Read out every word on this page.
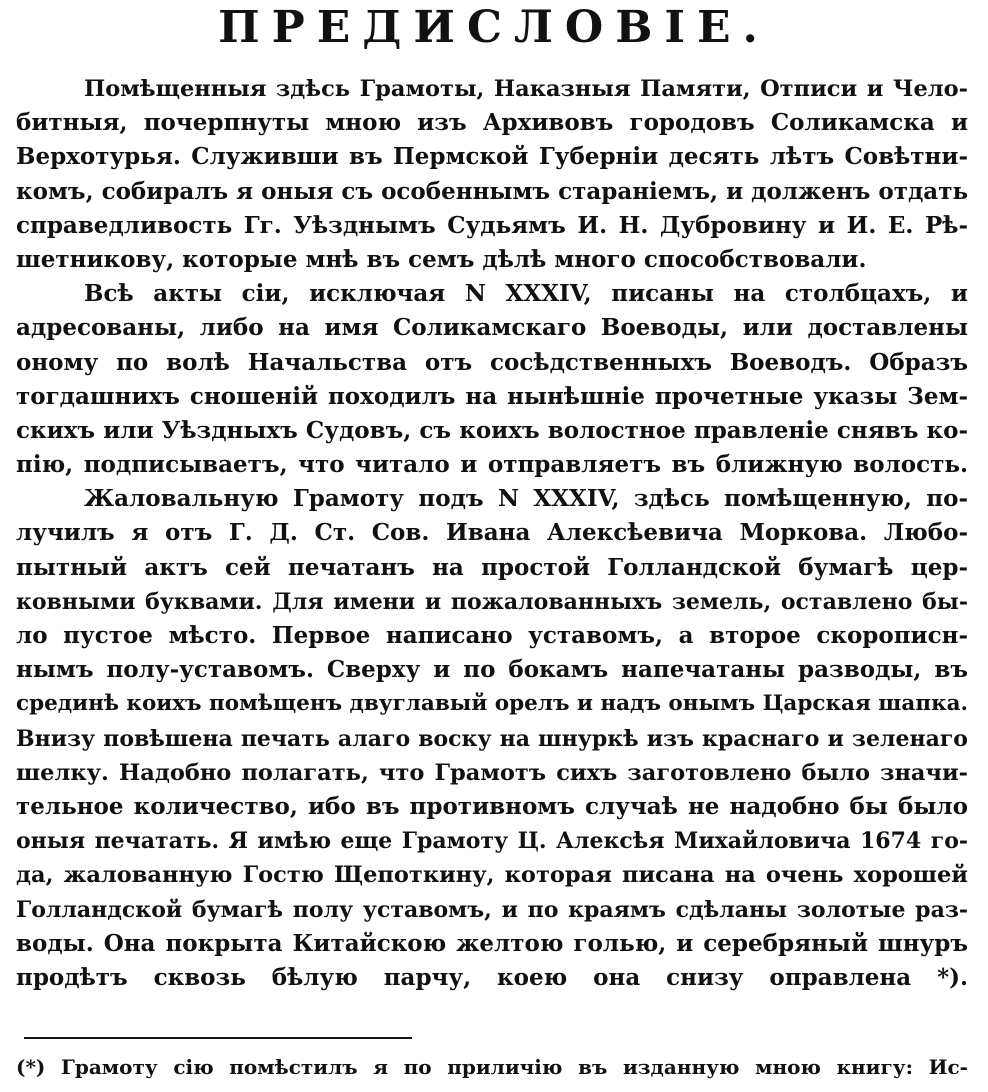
ПРЕДИСЛОВІЕ.
Помѣщенныя здѣсь Грамоты, Наказныя Памяти, Отписи и Чело-
битныя, почерпнуты мною изъ Архивовъ городовъ Соликамска и
Верхотурья. Служивши въ Пермской Губерніи десять лѣтъ Совѣтни-
комъ, собиралъ я оныя съ особеннымъ стараніемъ, и долженъ отдать
справедливость Гг. Уѣзднымъ Судьямъ И. Н. Дубровину и И. Е. Рѣ-
шетникову, которые мнѣ въ семъ дѣлѣ много способствовали.
Всѣ акты сіи, исключая N XXXIV, писаны на столбцахъ, и
адресованы, либо на имя Соликамскаго Воеводы, или доставлены
оному по волѣ Начальства отъ сосѣдственныхъ Воеводъ. Образъ
тогдашнихъ сношеній походилъ на нынѣшніе прочетные указы Зем-
скихъ или Уѣздныхъ Судовъ, съ коихъ волостное правленіе снявъ ко-
пію, подписываетъ, что читало и отправляетъ въ ближную волость.
Жаловальную Грамоту подъ N XXXIV, здѣсь помѣщенную, по-
лучилъ я отъ Г. Д. Ст. Сов. Ивана Алексѣевича Моркова. Любо-
пытный актъ сей печатанъ на простой Голландской бумагѣ цер-
ковными буквами. Для имени и пожалованныхъ земель, оставлено бы-
ло пустое мѣсто. Первое написано уставомъ, а второе скорописн-
нымъ полу-уставомъ. Сверху и по бокамъ напечатаны разводы, въ
срединѣ коихъ помѣщенъ двуглавый орелъ и надъ онымъ Царская шапка.
Внизу повѣшена печать алаго воску на шнуркѣ изъ краснаго и зеленаго
шелку. Надобно полагать, что Грамотъ сихъ заготовлено было значи-
тельное количество, ибо въ противномъ случаѣ не надобно бы было
оныя печатать. Я имѣю еще Грамоту Ц. Алексѣя Михайловича 1674 го-
да, жалованную Гостю Щепоткину, которая писана на очень хорошей
Голландской бумагѣ полу уставомъ, и по краямъ сдѣланы золотые раз-
воды. Она покрыта Китайскою желтою голью, и серебряный шнуръ
продѣтъ сквозь бѣлую парчу, коею она снизу оправлена *).
(*) Грамоту сію помѣстилъ я по приличію въ изданную мною книгу: Ис-
